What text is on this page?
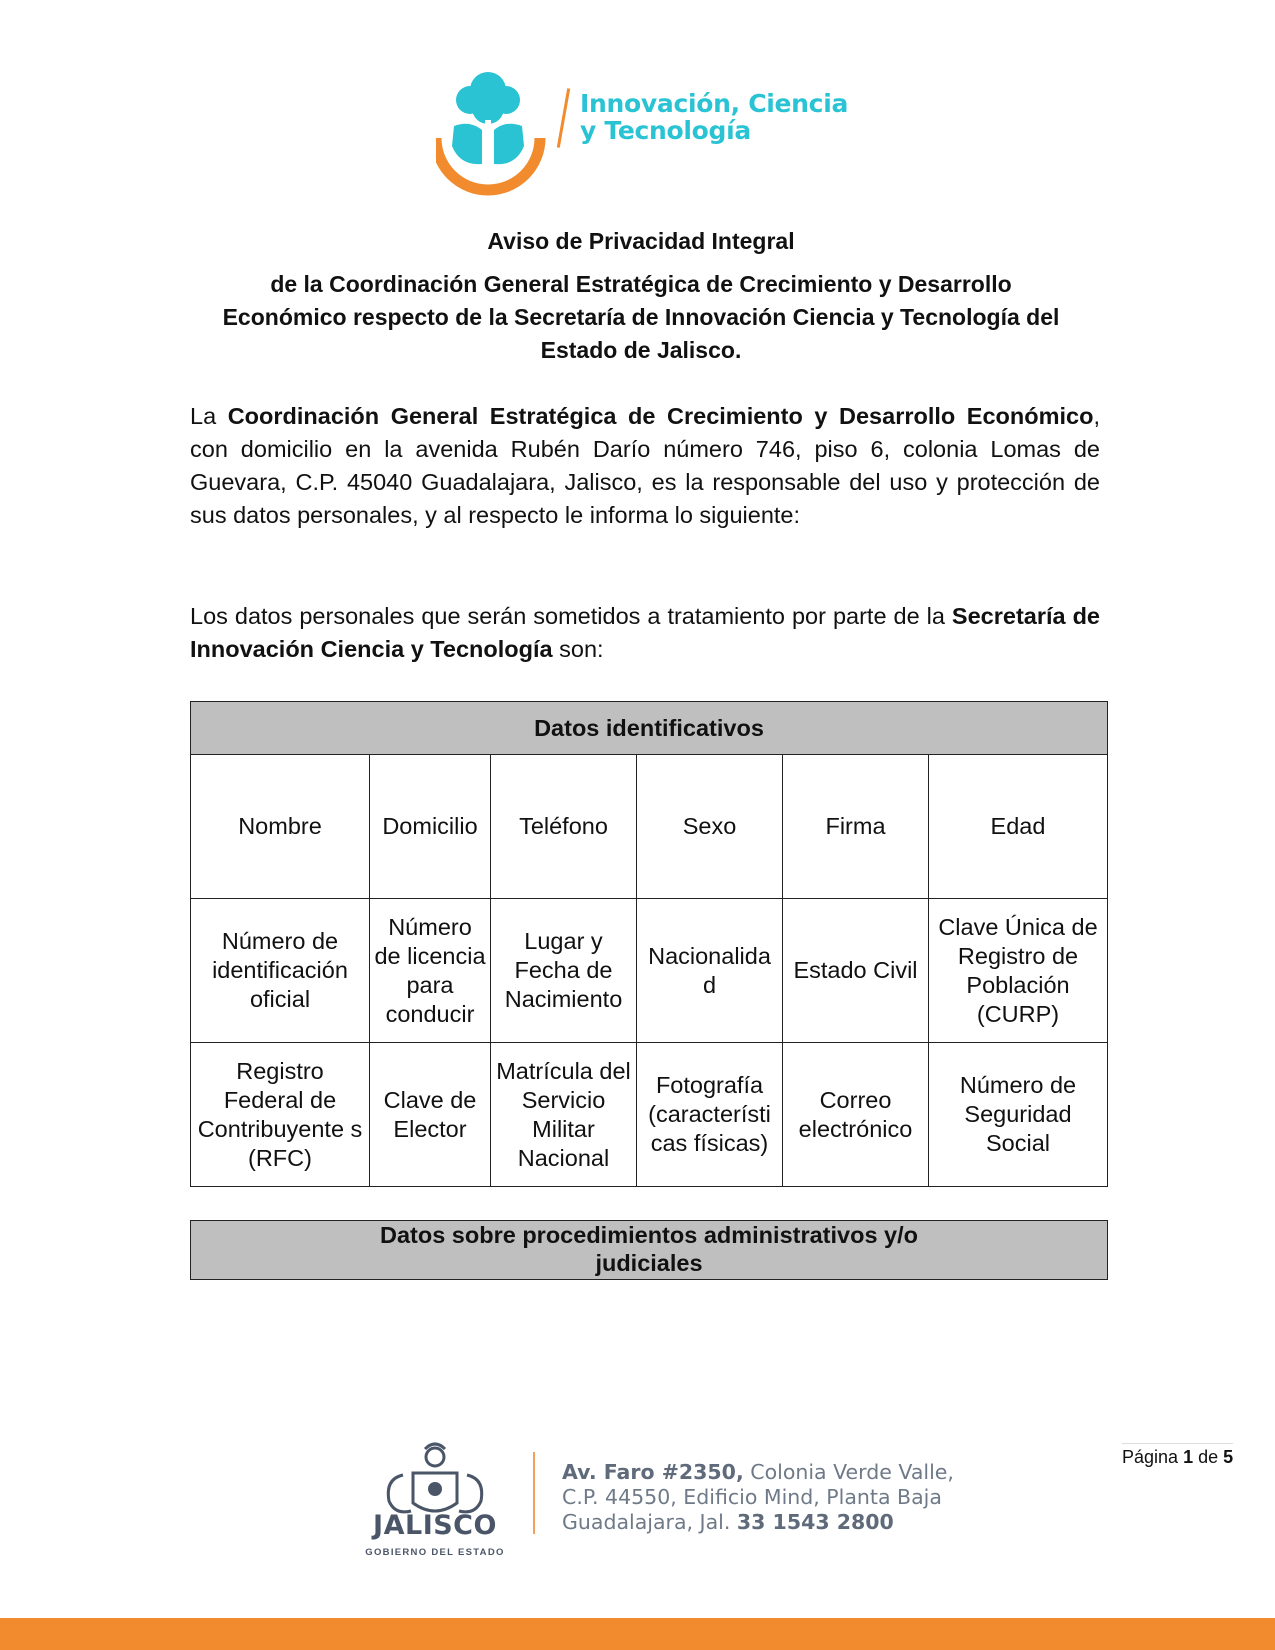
Innovación, Ciencia
y Tecnología
Aviso de Privacidad Integral
de la Coordinación General Estratégica de Crecimiento y Desarrollo
Económico respecto de la Secretaría de Innovación Ciencia y Tecnología del
Estado de Jalisco.
La Coordinación General Estratégica de Crecimiento y Desarrollo Económico, con domicilio en la avenida Rubén Darío número 746, piso 6, colonia Lomas de Guevara, C.P. 45040 Guadalajara, Jalisco, es la responsable del uso y protección de sus datos personales, y al respecto le informa lo siguiente:
Los datos personales que serán sometidos a tratamiento por parte de la Secretaría de Innovación Ciencia y Tecnología son:
Datos identificativos					
Nombre	Domicilio	Teléfono	Sexo	Firma	Edad
Número de identificación oficial	Número de licencia para conducir	Lugar y Fecha de Nacimiento	Nacionalida d	Estado Civil	Clave Única de Registro de Población (CURP)
Registro Federal de Contribuyente s (RFC)	Clave de Elector	Matrícula del Servicio Militar Nacional	Fotografía (característi cas físicas)	Correo electrónico	Número de Seguridad Social
Datos sobre procedimientos administrativos y/o
judiciales
JALISCO
GOBIERNO DEL ESTADO
Av. Faro #2350, Colonia Verde Valle,
C.P. 44550, Edificio Mind, Planta Baja
Guadalajara, Jal. 33 1543 2800
Página 1 de 5
